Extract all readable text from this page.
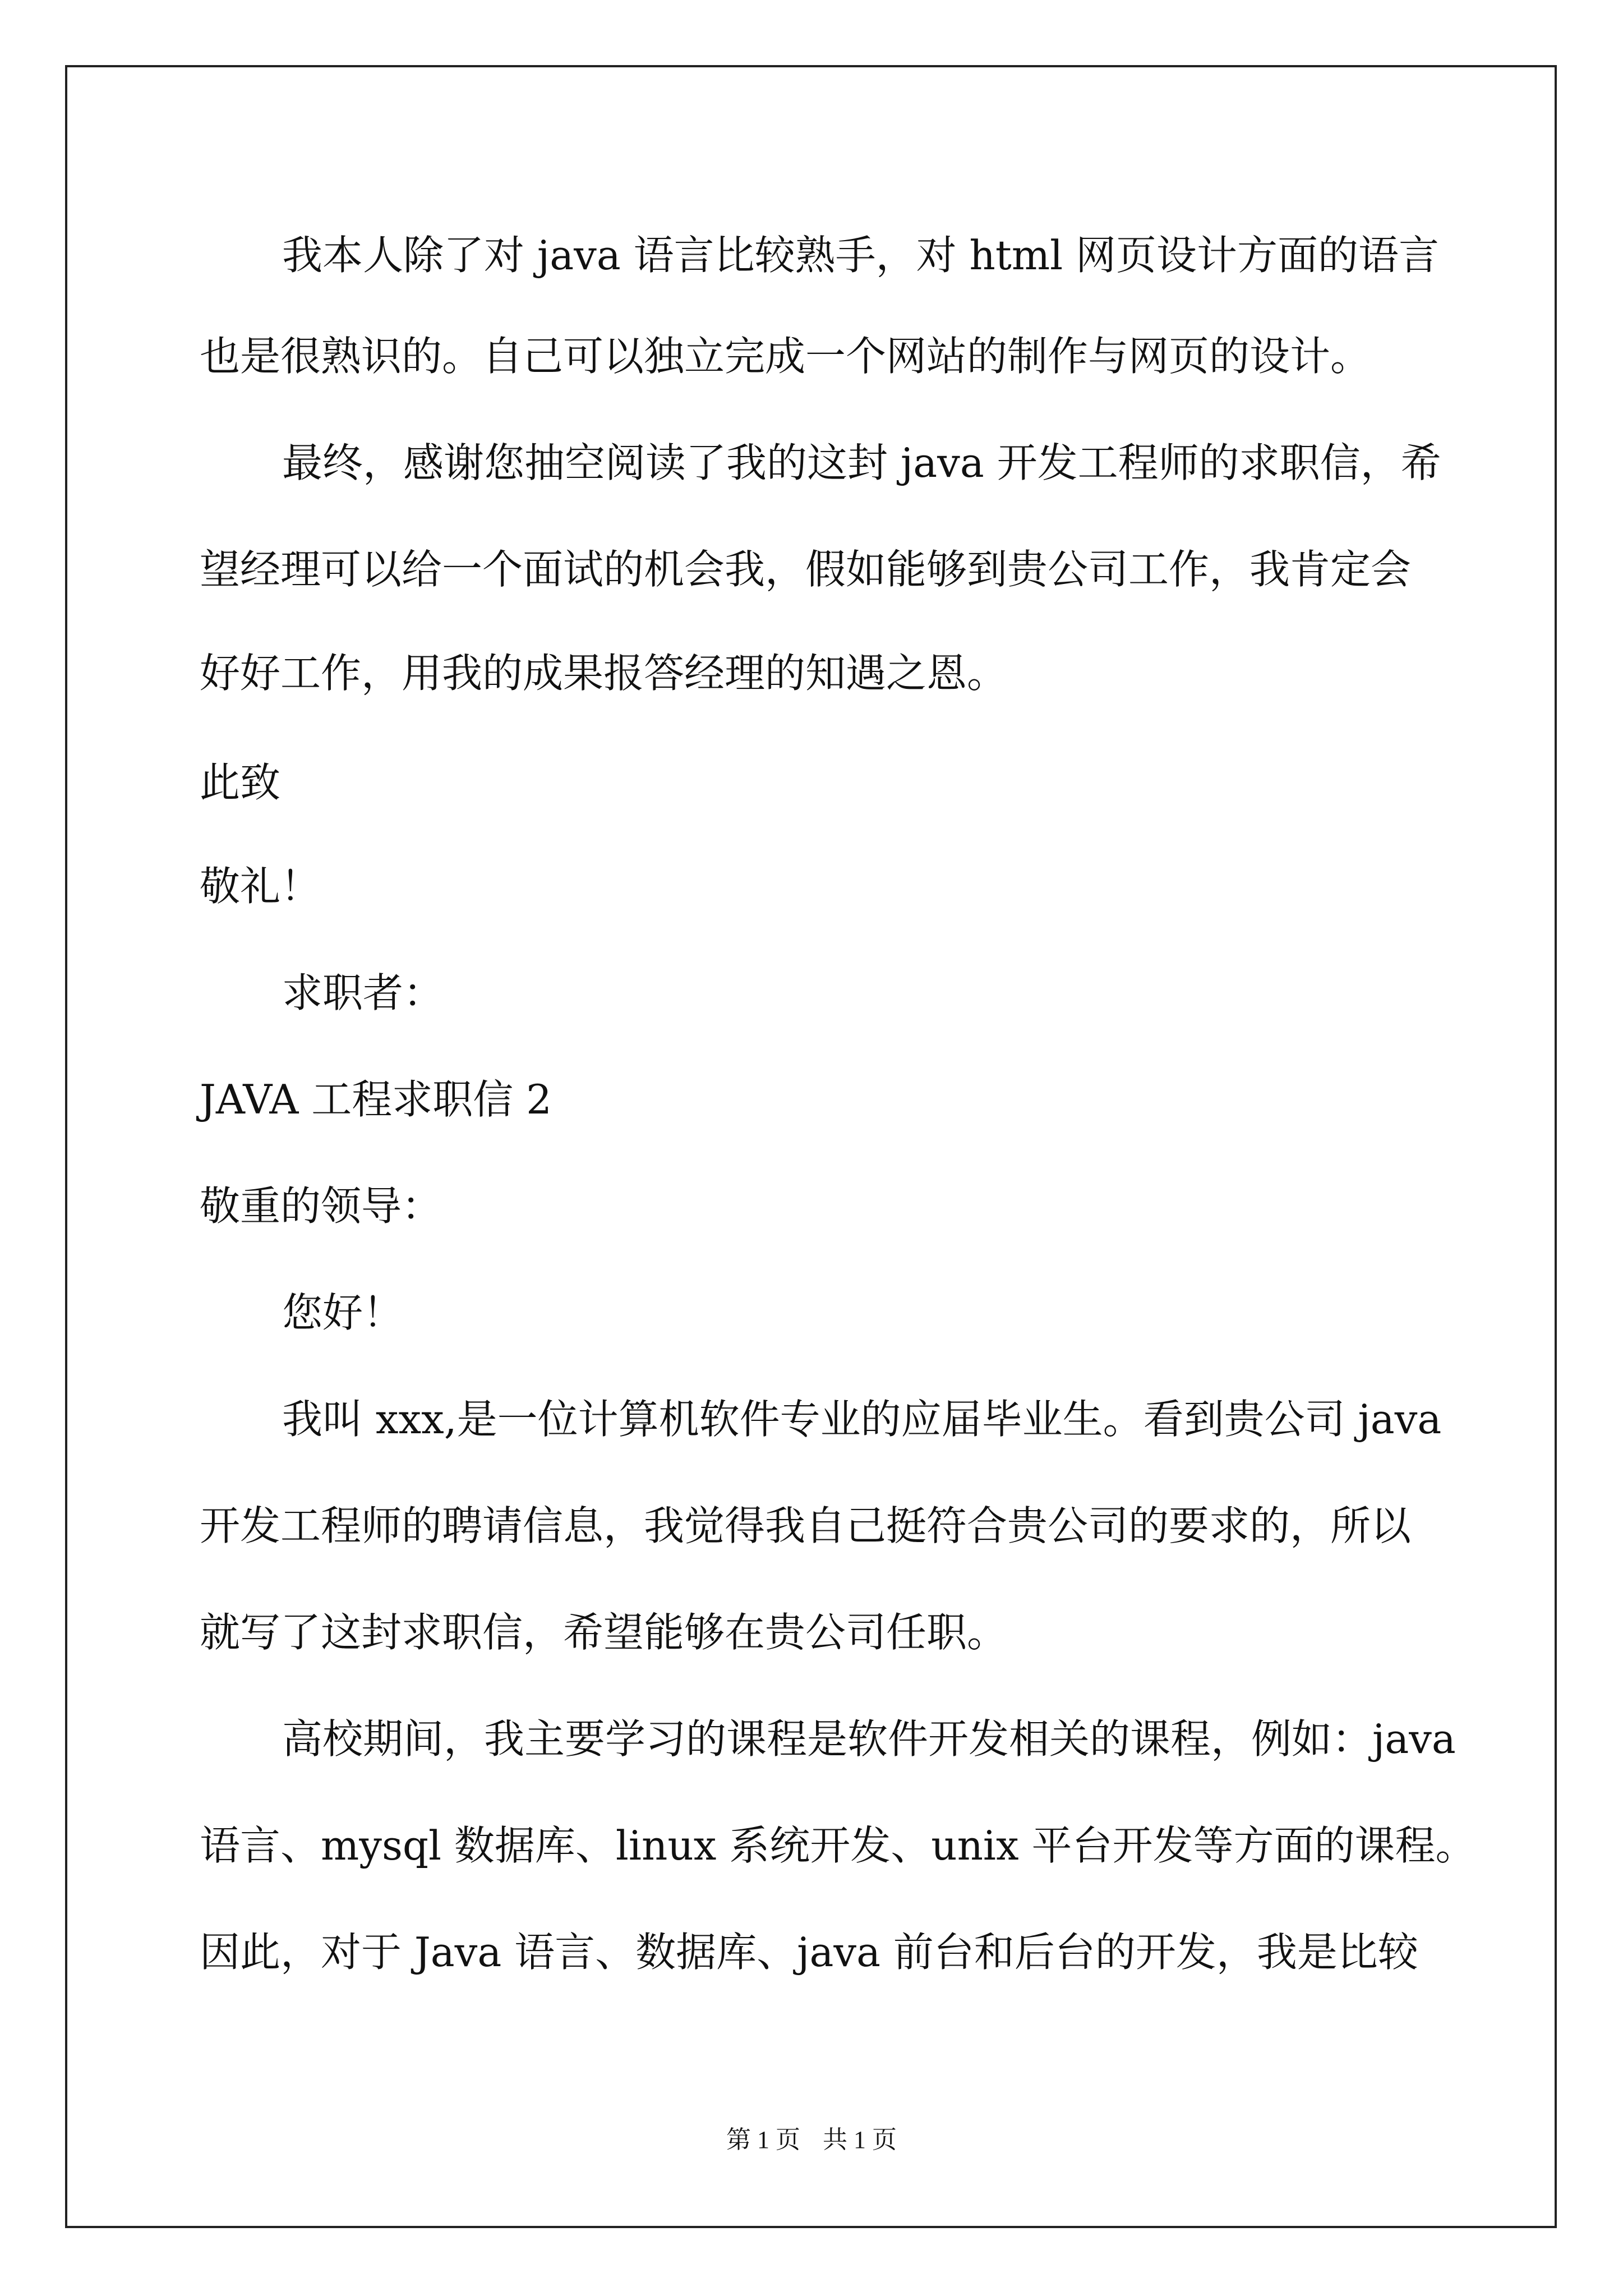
我本人除了对 java 语言比较熟手，对 html 网页设计方面的语言
也是很熟识的。自己可以独立完成一个网站的制作与网页的设计。
最终，感谢您抽空阅读了我的这封 java 开发工程师的求职信，希
望经理可以给一个面试的机会我，假如能够到贵公司工作，我肯定会
好好工作，用我的成果报答经理的知遇之恩。
此致
敬礼！
求职者：
JAVA 工程求职信 2
敬重的领导：
您好！
我叫 xxx,是一位计算机软件专业的应届毕业生。看到贵公司 java
开发工程师的聘请信息，我觉得我自己挺符合贵公司的要求的，所以
就写了这封求职信，希望能够在贵公司任职。
高校期间，我主要学习的课程是软件开发相关的课程，例如：java
语言、mysql 数据库、linux 系统开发、unix 平台开发等方面的课程。
因此，对于 Java 语言、数据库、java 前台和后台的开发，我是比较
第 1 页 共 1 页
